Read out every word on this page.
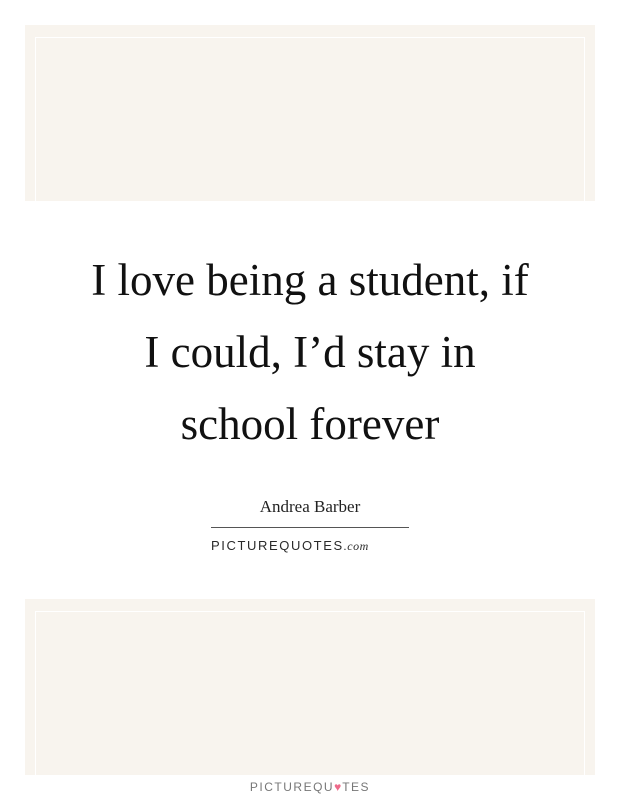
I love being a student, if
I could, I’d stay in
school forever
Andrea Barber
PICTUREQUOTES.com
PICTUREQU♥TES
